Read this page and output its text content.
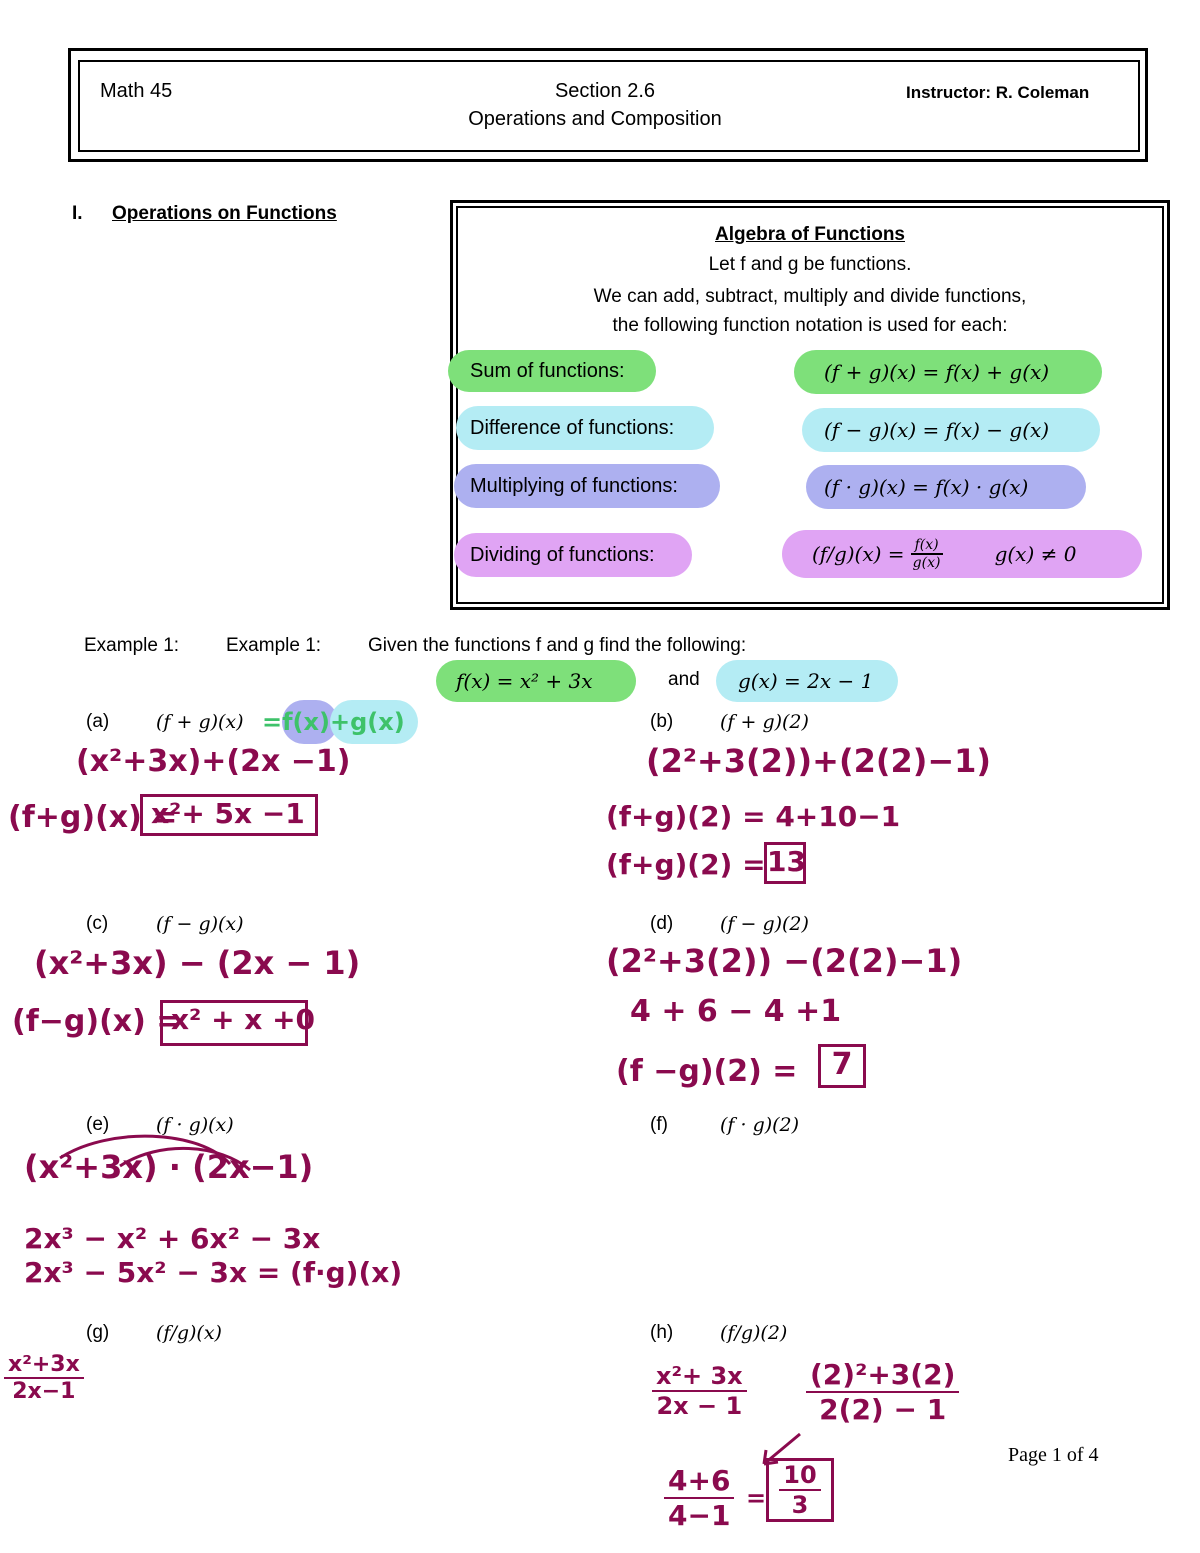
Math 45	Section 2.6
Operations and Composition
Instructor: R. Coleman
I. Operations on Functions
Algebra of Functions
Let f and g be functions.
We can add, subtract, multiply and divide functions,
the following function notation is used for each:
Sum of functions:	(f + g)(x) = f(x) + g(x)
Difference of functions:	(f − g)(x) = f(x) − g(x)
Multiplying of functions:	(f · g)(x) = f(x) · g(x)
Dividing of functions:	$(f/g)(x) = \frac{f(x)}{g(x)}$	g(x) ≠ 0
Example 1: Example 1: Given the functions f and g find the following:
f(x) = x² + 3x	and	g(x) = 2x − 1
(a) (f + g)(x) =f(x)+g(x)
(x²+3x)+(2x −1)
(f+g)(x) =
x²+ 5x −1
(b) (f + g)(2)
(2²+3(2))+(2(2)−1)
(f+g)(2) = 4+10−1
(f+g)(2) = 13
(c)	(f − g)(x)
(x²+3x) − (2x − 1)
(f−g)(x) =
x² + x +0
(d) (f − g)(2)
(2²+3(2)) −(2(2)−1)
4 + 6 − 4 +1
(f −g)(2) =	7
(e) (f · g)(x)
(x²+3x) · (2x−1)
2x³ − x² + 6x² − 3x
2x³ − 5x² − 3x = (f·g)(x)
(f)	(f · g)(2)
(g) (f/g)(x)
$\frac{\text{x²+3x}}{2x-1}$
(h) (f/g)(2)
$\frac{\text{x²+ 3x}}{2x - 1} \frac{\text{(2)²+3(2)}}{2(2) - 1}$
$\frac{4+6}{4-1} = \frac{10}{3}$
Page 1 of 4
